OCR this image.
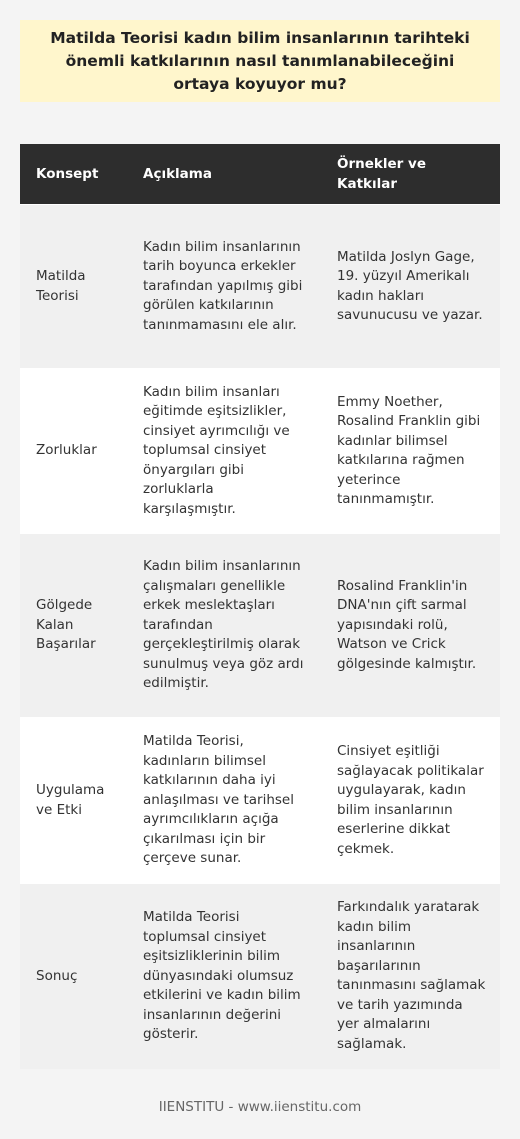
Matilda Teorisi kadın bilim insanlarının tarihteki önemli katkılarının nasıl tanımlanabileceğini ortaya koyuyor mu?
Konsept	Açıklama	Örnekler ve Katkılar
Matilda Teorisi	Kadın bilim insanlarının tarih boyunca erkekler tarafından yapılmış gibi görülen katkılarının tanınmamasını ele alır.	Matilda Joslyn Gage, 19. yüzyıl Amerikalı kadın hakları savunucusu ve yazar.
Zorluklar	Kadın bilim insanları eğitimde eşitsizlikler, cinsiyet ayrımcılığı ve toplumsal cinsiyet önyargıları gibi zorluklarla karşılaşmıştır.	Emmy Noether, Rosalind Franklin gibi kadınlar bilimsel katkılarına rağmen yeterince tanınmamıştır.
Gölgede Kalan Başarılar	Kadın bilim insanlarının çalışmaları genellikle erkek meslektaşları tarafından gerçekleştirilmiş olarak sunulmuş veya göz ardı edilmiştir.	Rosalind Franklin'in DNA'nın çift sarmal yapısındaki rolü, Watson ve Crick gölgesinde kalmıştır.
Uygulama ve Etki	Matilda Teorisi, kadınların bilimsel katkılarının daha iyi anlaşılması ve tarihsel ayrımcılıkların açığa çıkarılması için bir çerçeve sunar.	Cinsiyet eşitliği sağlayacak politikalar uygulayarak, kadın bilim insanlarının eserlerine dikkat çekmek.
Sonuç	Matilda Teorisi toplumsal cinsiyet eşitsizliklerinin bilim dünyasındaki olumsuz etkilerini ve kadın bilim insanlarının değerini gösterir.	Farkındalık yaratarak kadın bilim insanlarının başarılarının tanınmasını sağlamak ve tarih yazımında yer almalarını sağlamak.
IIENSTITU - www.iienstitu.com
